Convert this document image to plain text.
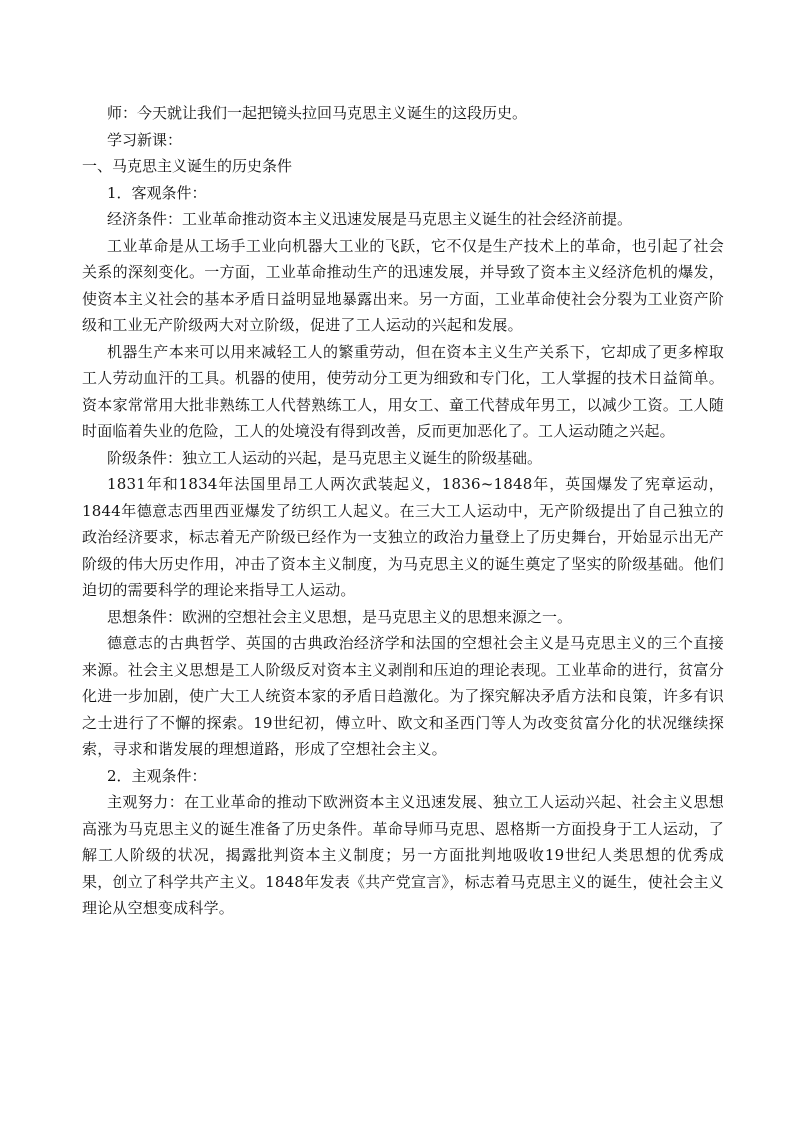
师：今天就让我们一起把镜头拉回马克思主义诞生的这段历史。

学习新课：

一、马克思主义诞生的历史条件

1．客观条件：

经济条件：工业革命推动资本主义迅速发展是马克思主义诞生的社会经济前提。

工业革命是从工场手工业向机器大工业的飞跃，它不仅是生产技术上的革命，也引起了社会关系的深刻变化。一方面，工业革命推动生产的迅速发展，并导致了资本主义经济危机的爆发，使资本主义社会的基本矛盾日益明显地暴露出来。另一方面，工业革命使社会分裂为工业资产阶级和工业无产阶级两大对立阶级，促进了工人运动的兴起和发展。

机器生产本来可以用来减轻工人的繁重劳动，但在资本主义生产关系下，它却成了更多榨取工人劳动血汗的工具。机器的使用，使劳动分工更为细致和专门化，工人掌握的技术日益简单。资本家常常用大批非熟练工人代替熟练工人，用女工、童工代替成年男工，以减少工资。工人随时面临着失业的危险，工人的处境没有得到改善，反而更加恶化了。工人运动随之兴起。

阶级条件：独立工人运动的兴起，是马克思主义诞生的阶级基础。

1831年和1834年法国里昂工人两次武装起义，1836~1848年，英国爆发了宪章运动，1844年德意志西里西亚爆发了纺织工人起义。在三大工人运动中，无产阶级提出了自己独立的政治经济要求，标志着无产阶级已经作为一支独立的政治力量登上了历史舞台，开始显示出无产阶级的伟大历史作用，冲击了资本主义制度，为马克思主义的诞生奠定了坚实的阶级基础。他们迫切的需要科学的理论来指导工人运动。

思想条件：欧洲的空想社会主义思想，是马克思主义的思想来源之一。

德意志的古典哲学、英国的古典政治经济学和法国的空想社会主义是马克思主义的三个直接来源。社会主义思想是工人阶级反对资本主义剥削和压迫的理论表现。工业革命的进行，贫富分化进一步加剧，使广大工人统资本家的矛盾日趋激化。为了探究解决矛盾方法和良策，许多有识之士进行了不懈的探索。19世纪初，傅立叶、欧文和圣西门等人为改变贫富分化的状况继续探索，寻求和谐发展的理想道路，形成了空想社会主义。

2．主观条件：

主观努力：在工业革命的推动下欧洲资本主义迅速发展、独立工人运动兴起、社会主义思想高涨为马克思主义的诞生准备了历史条件。革命导师马克思、恩格斯一方面投身于工人运动，了解工人阶级的状况，揭露批判资本主义制度；另一方面批判地吸收19世纪人类思想的优秀成果，创立了科学共产主义。1848年发表《共产党宣言》，标志着马克思主义的诞生，使社会主义理论从空想变成科学。
